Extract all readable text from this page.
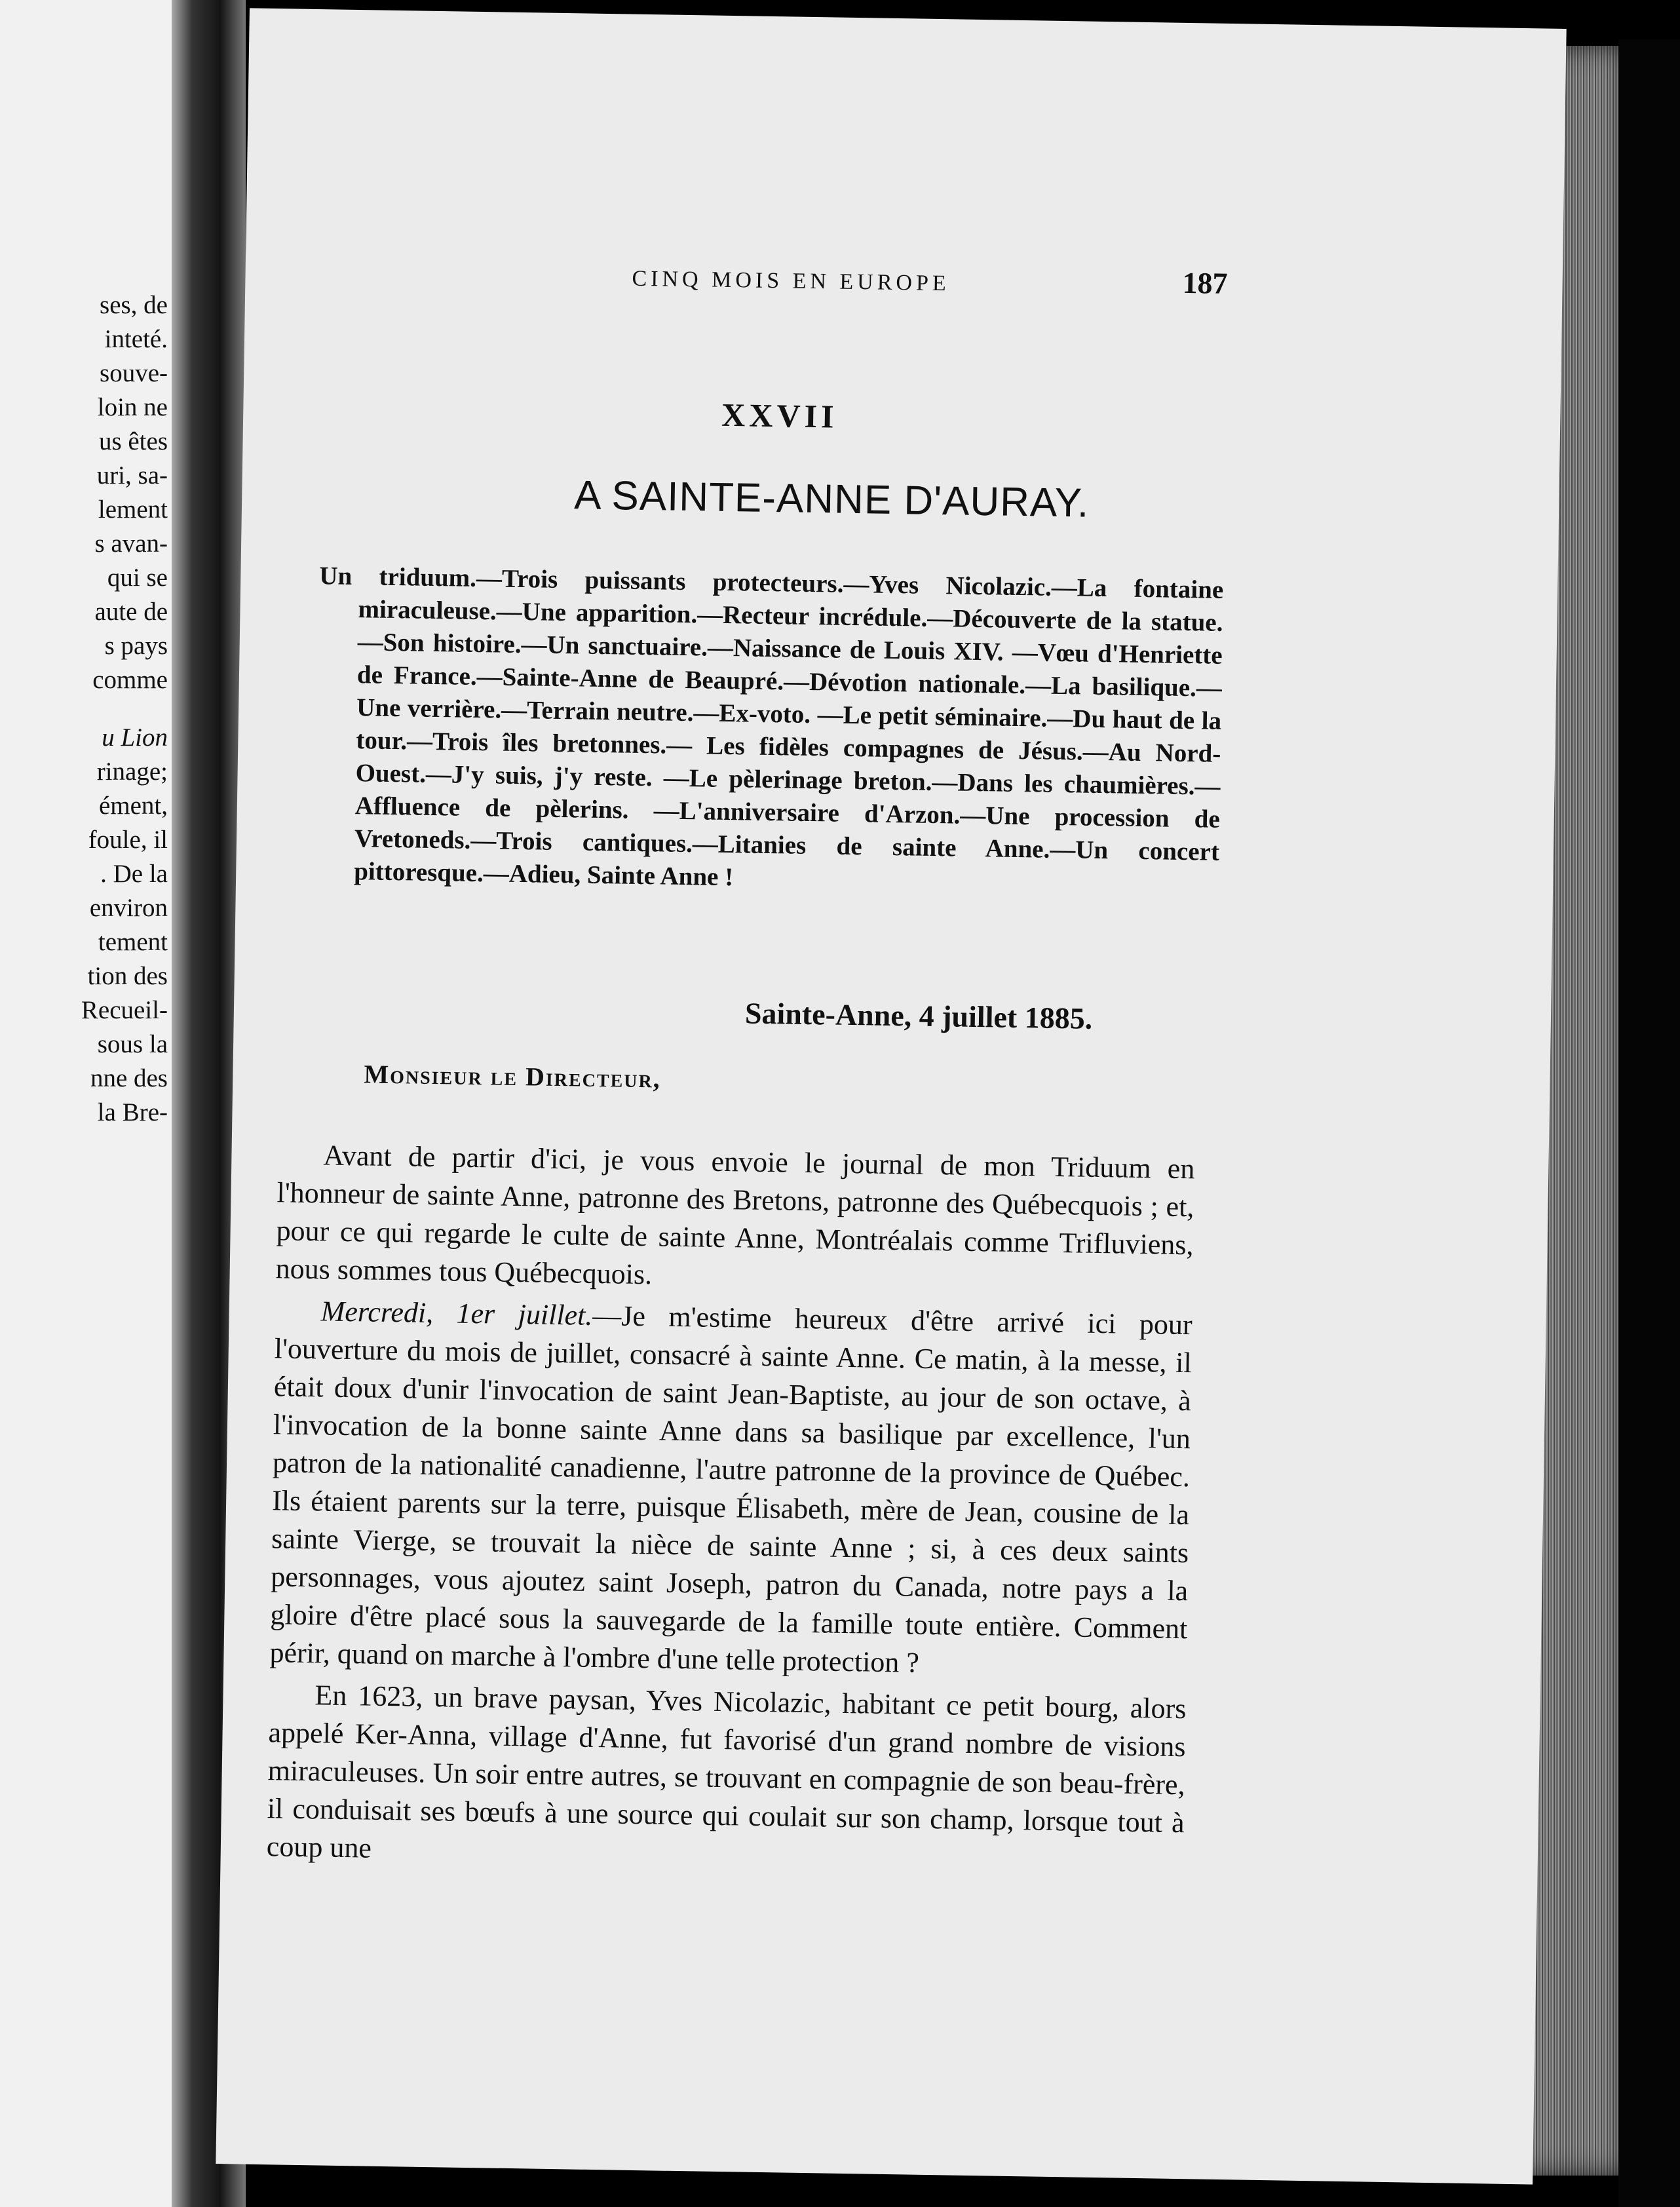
ses, de
inteté.
souve-
loin ne
us êtes
uri, sa-
lement
s avan-
qui se
aute de
s pays
comme
u Lion
rinage;
ément,
foule, il
. De la
environ
tement
tion des
Recueil-
sous la
nne des
la Bre-
CINQ MOIS EN EUROPE	187
XXVII
A SAINTE-ANNE D'AURAY.

Un triduum.—Trois puissants protecteurs.—Yves Nicolazic.—La fontaine miraculeuse.—Une apparition.—Recteur incrédule.—Découverte de la statue.—Son histoire.—Un sanctuaire.—Naissance de Louis XIV. —Vœu d'Henriette de France.—Sainte-Anne de Beaupré.—Dévotion nationale.—La basilique.—Une verrière.—Terrain neutre.—Ex-voto. —Le petit séminaire.—Du haut de la tour.—Trois îles bretonnes.— Les fidèles compagnes de Jésus.—Au Nord-Ouest.—J'y suis, j'y reste. —Le pèlerinage breton.—Dans les chaumières.—Affluence de pèlerins. —L'anniversaire d'Arzon.—Une procession de Vretoneds.—Trois cantiques.—Litanies de sainte Anne.—Un concert pittoresque.—Adieu, Sainte Anne !

Sainte-Anne, 4 juillet 1885.
Monsieur le Directeur,

Avant de partir d'ici, je vous envoie le journal de mon Triduum en l'honneur de sainte Anne, patronne des Bretons, patronne des Québecquois ; et, pour ce qui regarde le culte de sainte Anne, Montréalais comme Trifluviens, nous sommes tous Québecquois.

Mercredi, 1er juillet.—Je m'estime heureux d'être arrivé ici pour l'ouverture du mois de juillet, consacré à sainte Anne. Ce matin, à la messe, il était doux d'unir l'invocation de saint Jean-Baptiste, au jour de son octave, à l'invocation de la bonne sainte Anne dans sa basilique par excellence, l'un patron de la nationalité canadienne, l'autre patronne de la province de Québec. Ils étaient parents sur la terre, puisque Élisabeth, mère de Jean, cousine de la sainte Vierge, se trouvait la nièce de sainte Anne ; si, à ces deux saints personnages, vous ajoutez saint Joseph, patron du Canada, notre pays a la gloire d'être placé sous la sauvegarde de la famille toute entière. Comment périr, quand on marche à l'ombre d'une telle protection ?

En 1623, un brave paysan, Yves Nicolazic, habitant ce petit bourg, alors appelé Ker-Anna, village d'Anne, fut favorisé d'un grand nombre de visions miraculeuses. Un soir entre autres, se trouvant en compagnie de son beau-frère, il conduisait ses bœufs à une source qui coulait sur son champ, lorsque tout à coup une
